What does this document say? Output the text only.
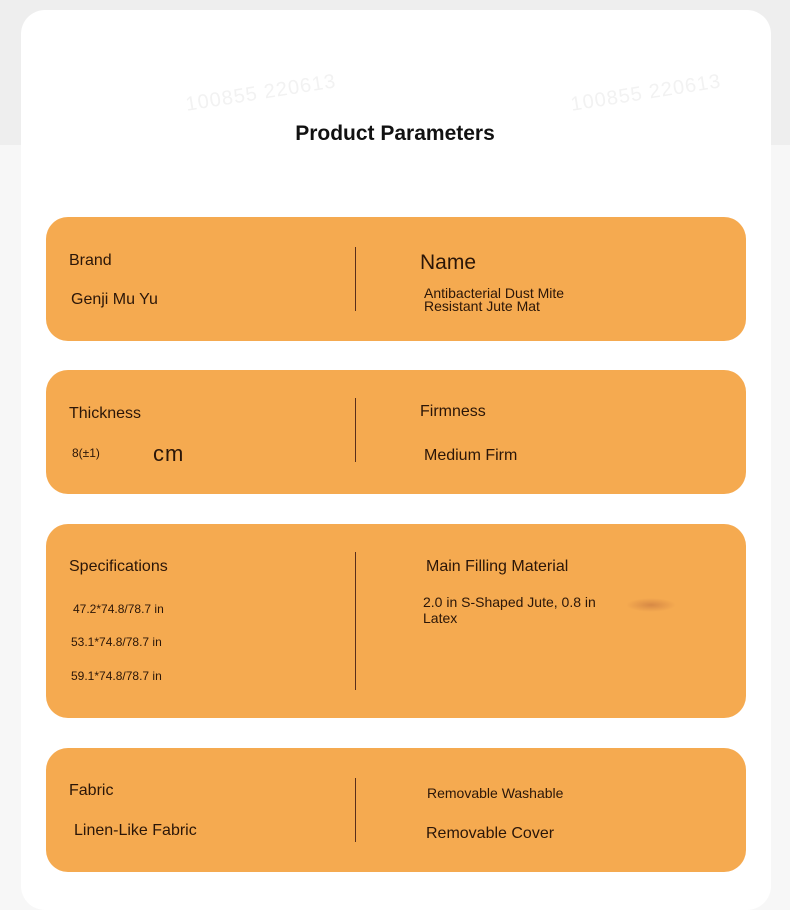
100855 220613	100855 220613
Product Parameters
Brand
Genji Mu Yu
Name
Antibacterial Dust Mite Resistant Jute Mat
Thickness
8(±1) cm
Firmness
Medium Firm
Specifications
47.2*74.8/78.7 in
53.1*74.8/78.7 in
59.1*74.8/78.7 in
Main Filling Material
2.0 in S-Shaped Jute, 0.8 in Latex
Fabric
Linen-Like Fabric
Removable Washable
Removable Cover
